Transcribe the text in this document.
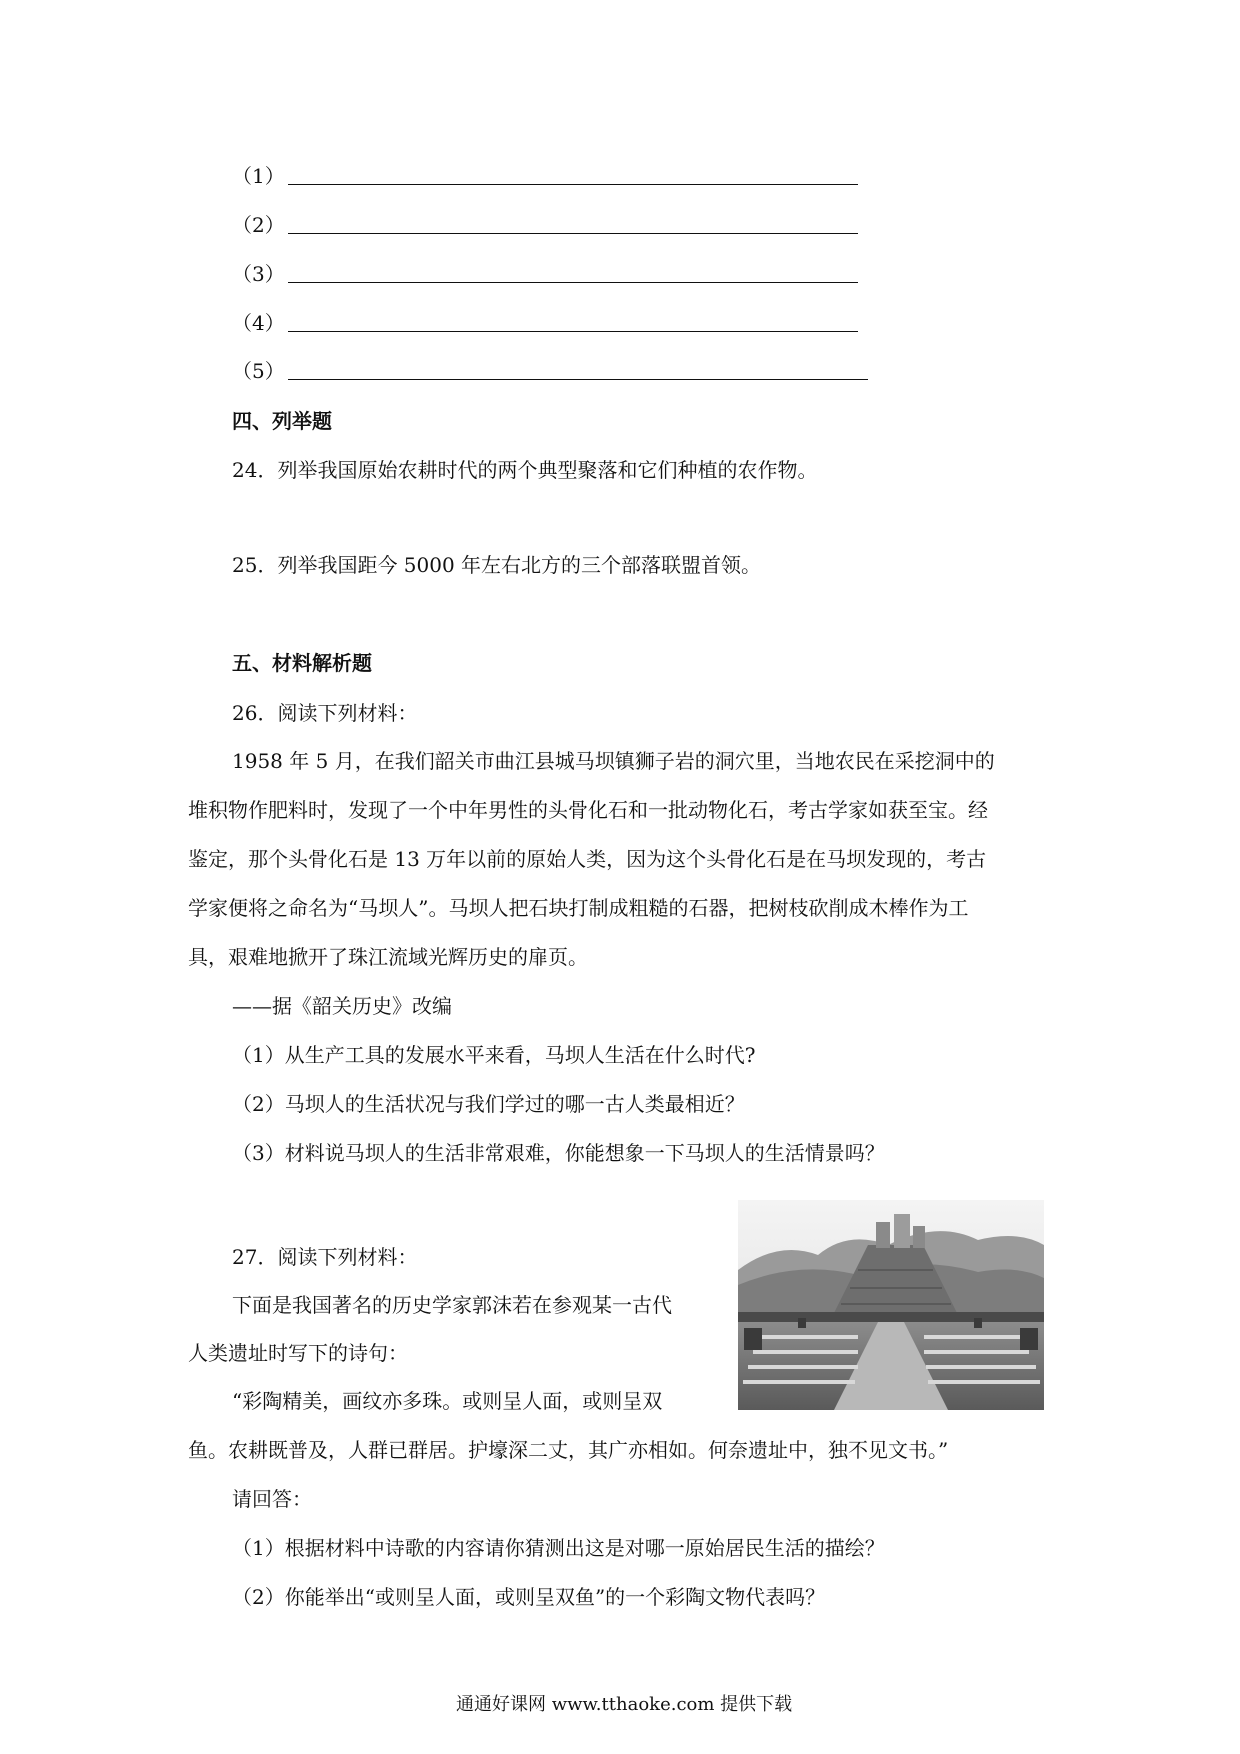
（1）
（2）
（3）
（4）
（5）
四、列举题
24．列举我国原始农耕时代的两个典型聚落和它们种植的农作物。
25．列举我国距今 5000 年左右北方的三个部落联盟首领。
五、材料解析题
26．阅读下列材料：
1958 年 5 月，在我们韶关市曲江县城马坝镇狮子岩的洞穴里，当地农民在采挖洞中的
堆积物作肥料时，发现了一个中年男性的头骨化石和一批动物化石，考古学家如获至宝。经
鉴定，那个头骨化石是 13 万年以前的原始人类，因为这个头骨化石是在马坝发现的，考古
学家便将之命名为“马坝人”。马坝人把石块打制成粗糙的石器，把树枝砍削成木棒作为工
具，艰难地掀开了珠江流域光辉历史的扉页。
——据《韶关历史》改编
（1）从生产工具的发展水平来看，马坝人生活在什么时代?
（2）马坝人的生活状况与我们学过的哪一古人类最相近？
（3）材料说马坝人的生活非常艰难，你能想象一下马坝人的生活情景吗？
27．阅读下列材料：
下面是我国著名的历史学家郭沫若在参观某一古代
人类遗址时写下的诗句：
“彩陶精美，画纹亦多珠。或则呈人面，或则呈双
鱼。农耕既普及，人群已群居。护壕深二丈，其广亦相如。何奈遗址中，独不见文书。”
请回答：
（1）根据材料中诗歌的内容请你猜测出这是对哪一原始居民生活的描绘？
（2）你能举出“或则呈人面，或则呈双鱼”的一个彩陶文物代表吗？
通通好课网 www.tthaoke.com 提供下载
